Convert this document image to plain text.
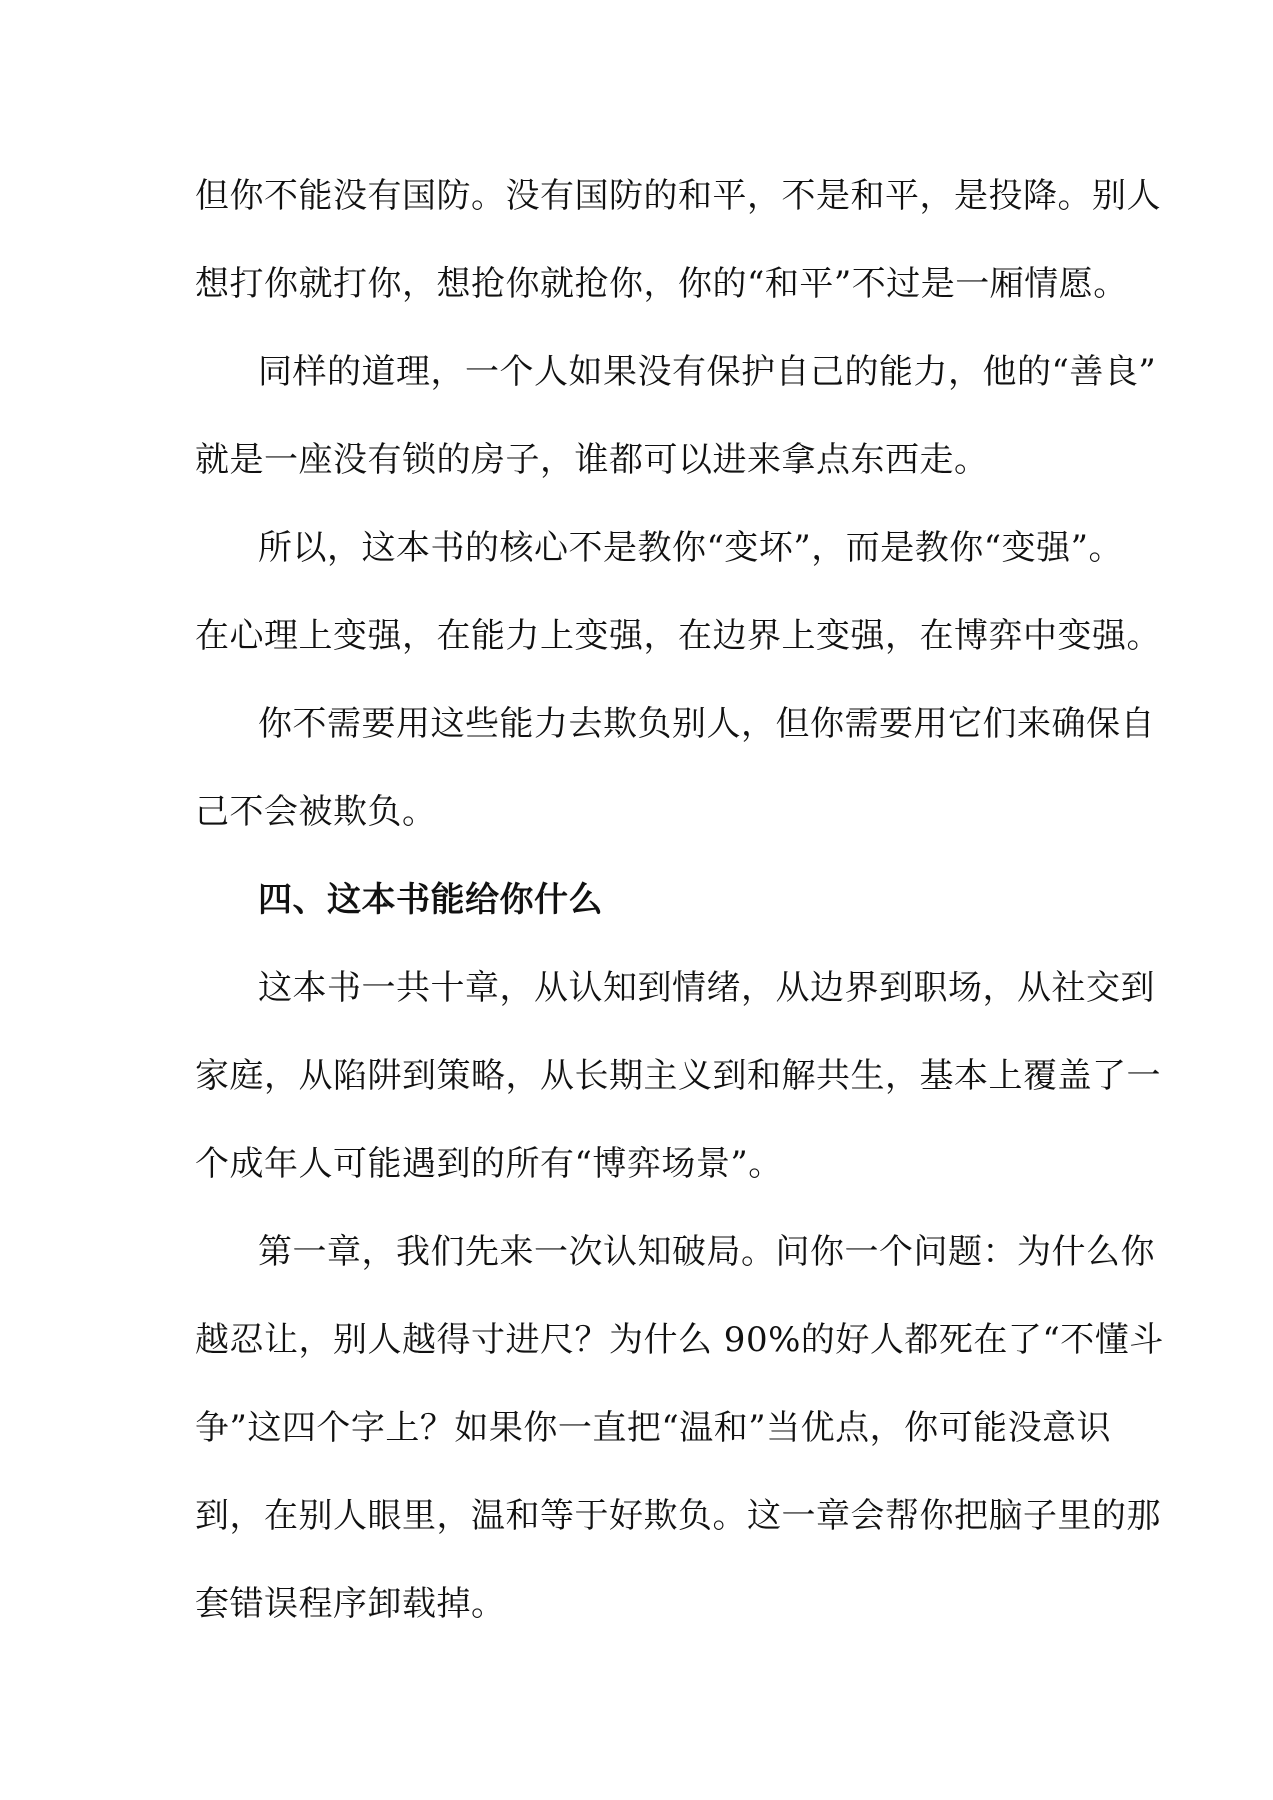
但你不能没有国防。没有国防的和平，不是和平，是投降。别人
想打你就打你，想抢你就抢你，你的“和平”不过是一厢情愿。
同样的道理，一个人如果没有保护自己的能力，他的“善良”
就是一座没有锁的房子，谁都可以进来拿点东西走。
所以，这本书的核心不是教你“变坏”，而是教你“变强”。
在心理上变强，在能力上变强，在边界上变强，在博弈中变强。
你不需要用这些能力去欺负别人，但你需要用它们来确保自
己不会被欺负。
四、这本书能给你什么
这本书一共十章，从认知到情绪，从边界到职场，从社交到
家庭，从陷阱到策略，从长期主义到和解共生，基本上覆盖了一
个成年人可能遇到的所有“博弈场景”。
第一章，我们先来一次认知破局。问你一个问题：为什么你
越忍让，别人越得寸进尺？为什么 90%的好人都死在了“不懂斗
争”这四个字上？如果你一直把“温和”当优点，你可能没意识
到，在别人眼里，温和等于好欺负。这一章会帮你把脑子里的那
套错误程序卸载掉。
